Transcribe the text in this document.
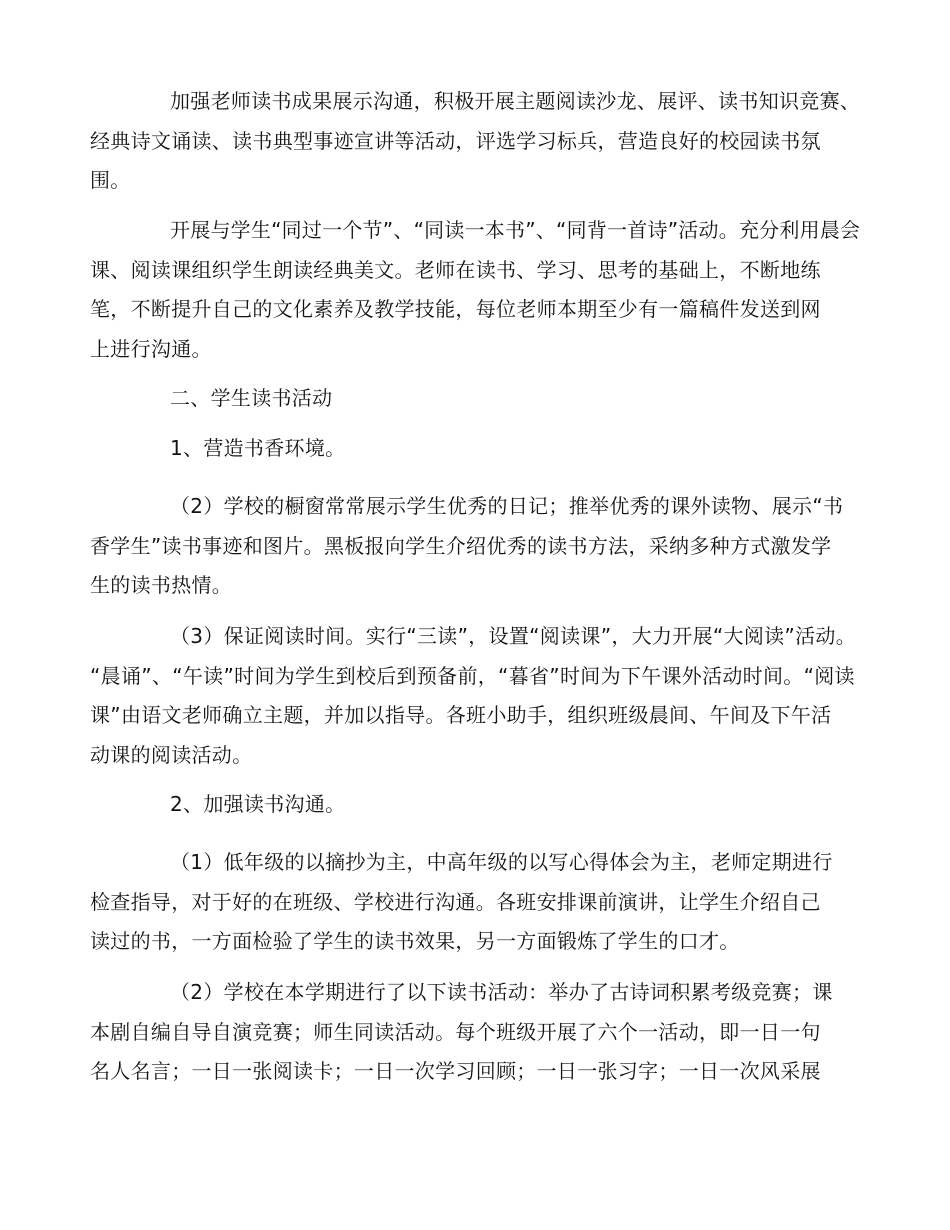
加强老师读书成果展示沟通，积极开展主题阅读沙龙、展评、读书知识竞赛、
经典诗文诵读、读书典型事迹宣讲等活动，评选学习标兵，营造良好的校园读书氛
围。
开展与学生“同过一个节”、“同读一本书”、“同背一首诗”活动。充分利用晨会
课、阅读课组织学生朗读经典美文。老师在读书、学习、思考的基础上，不断地练
笔，不断提升自己的文化素养及教学技能，每位老师本期至少有一篇稿件发送到网
上进行沟通。
二、学生读书活动
1、营造书香环境。
（2）学校的橱窗常常展示学生优秀的日记；推举优秀的课外读物、展示“书
香学生”读书事迹和图片。黑板报向学生介绍优秀的读书方法，采纳多种方式激发学
生的读书热情。
（3）保证阅读时间。实行“三读”，设置“阅读课”，大力开展“大阅读”活动。
“晨诵”、“午读”时间为学生到校后到预备前，“暮省”时间为下午课外活动时间。“阅读
课”由语文老师确立主题，并加以指导。各班小助手，组织班级晨间、午间及下午活
动课的阅读活动。
2、加强读书沟通。
（1）低年级的以摘抄为主，中高年级的以写心得体会为主，老师定期进行
检查指导，对于好的在班级、学校进行沟通。各班安排课前演讲，让学生介绍自己
读过的书，一方面检验了学生的读书效果，另一方面锻炼了学生的口才。
（2）学校在本学期进行了以下读书活动：举办了古诗词积累考级竞赛；课
本剧自编自导自演竞赛；师生同读活动。每个班级开展了六个一活动，即一日一句
名人名言；一日一张阅读卡；一日一次学习回顾；一日一张习字；一日一次风采展
